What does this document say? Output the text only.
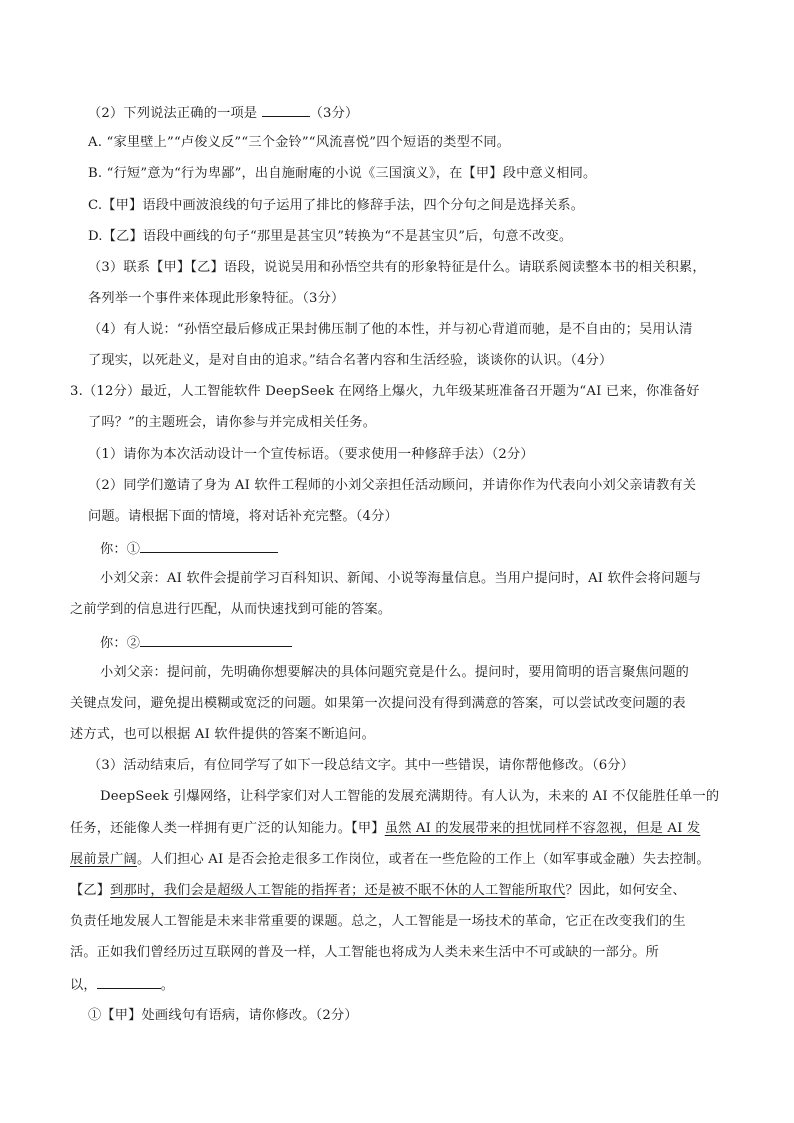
（2）下列说法正确的一项是	（3分）
A. “家里壁上”“卢俊义反”“三个金铃”“风流喜悦”四个短语的类型不同。
B. “行短”意为“行为卑鄙”，出自施耐庵的小说《三国演义》，在【甲】段中意义相同。
C.【甲】语段中画波浪线的句子运用了排比的修辞手法，四个分句之间是选择关系。
D.【乙】语段中画线的句子“那里是甚宝贝”转换为“不是甚宝贝”后，句意不改变。
（3）联系【甲】【乙】语段，说说吴用和孙悟空共有的形象特征是什么。请联系阅读整本书的相关积累，
各列举一个事件来体现此形象特征。（3分）
（4）有人说：“孙悟空最后修成正果封佛压制了他的本性，并与初心背道而驰，是不自由的；吴用认清
了现实，以死赴义，是对自由的追求。”结合名著内容和生活经验，谈谈你的认识。（4分）
3.（12分）最近，人工智能软件 DeepSeek 在网络上爆火，九年级某班准备召开题为“AI 已来，你准备好
了吗？”的主题班会，请你参与并完成相关任务。
（1）请你为本次活动设计一个宣传标语。（要求使用一种修辞手法）（2分）
（2）同学们邀请了身为 AI 软件工程师的小刘父亲担任活动顾问，并请你作为代表向小刘父亲请教有关
问题。请根据下面的情境，将对话补充完整。（4分）
你：①
小刘父亲：AI 软件会提前学习百科知识、新闻、小说等海量信息。当用户提问时，AI 软件会将问题与
之前学到的信息进行匹配，从而快速找到可能的答案。
你：②
小刘父亲：提问前，先明确你想要解决的具体问题究竟是什么。提问时，要用简明的语言聚焦问题的
关键点发问，避免提出模糊或宽泛的问题。如果第一次提问没有得到满意的答案，可以尝试改变问题的表
述方式，也可以根据 AI 软件提供的答案不断追问。
（3）活动结束后，有位同学写了如下一段总结文字。其中一些错误，请你帮他修改。（6分）
DeepSeek 引爆网络，让科学家们对人工智能的发展充满期待。有人认为，未来的 AI 不仅能胜任单一的
任务，还能像人类一样拥有更广泛的认知能力。【甲】虽然 AI 的发展带来的担忧同样不容忽视，但是 AI 发
展前景广阔。人们担心 AI 是否会抢走很多工作岗位，或者在一些危险的工作上（如军事或金融）失去控制。
【乙】到那时，我们会是超级人工智能的指挥者；还是被不眠不休的人工智能所取代？因此，如何安全、
负责任地发展人工智能是未来非常重要的课题。总之，人工智能是一场技术的革命，它正在改变我们的生
活。正如我们曾经历过互联网的普及一样，人工智能也将成为人类未来生活中不可或缺的一部分。所
以，	。
①【甲】处画线句有语病，请你修改。（2分）
